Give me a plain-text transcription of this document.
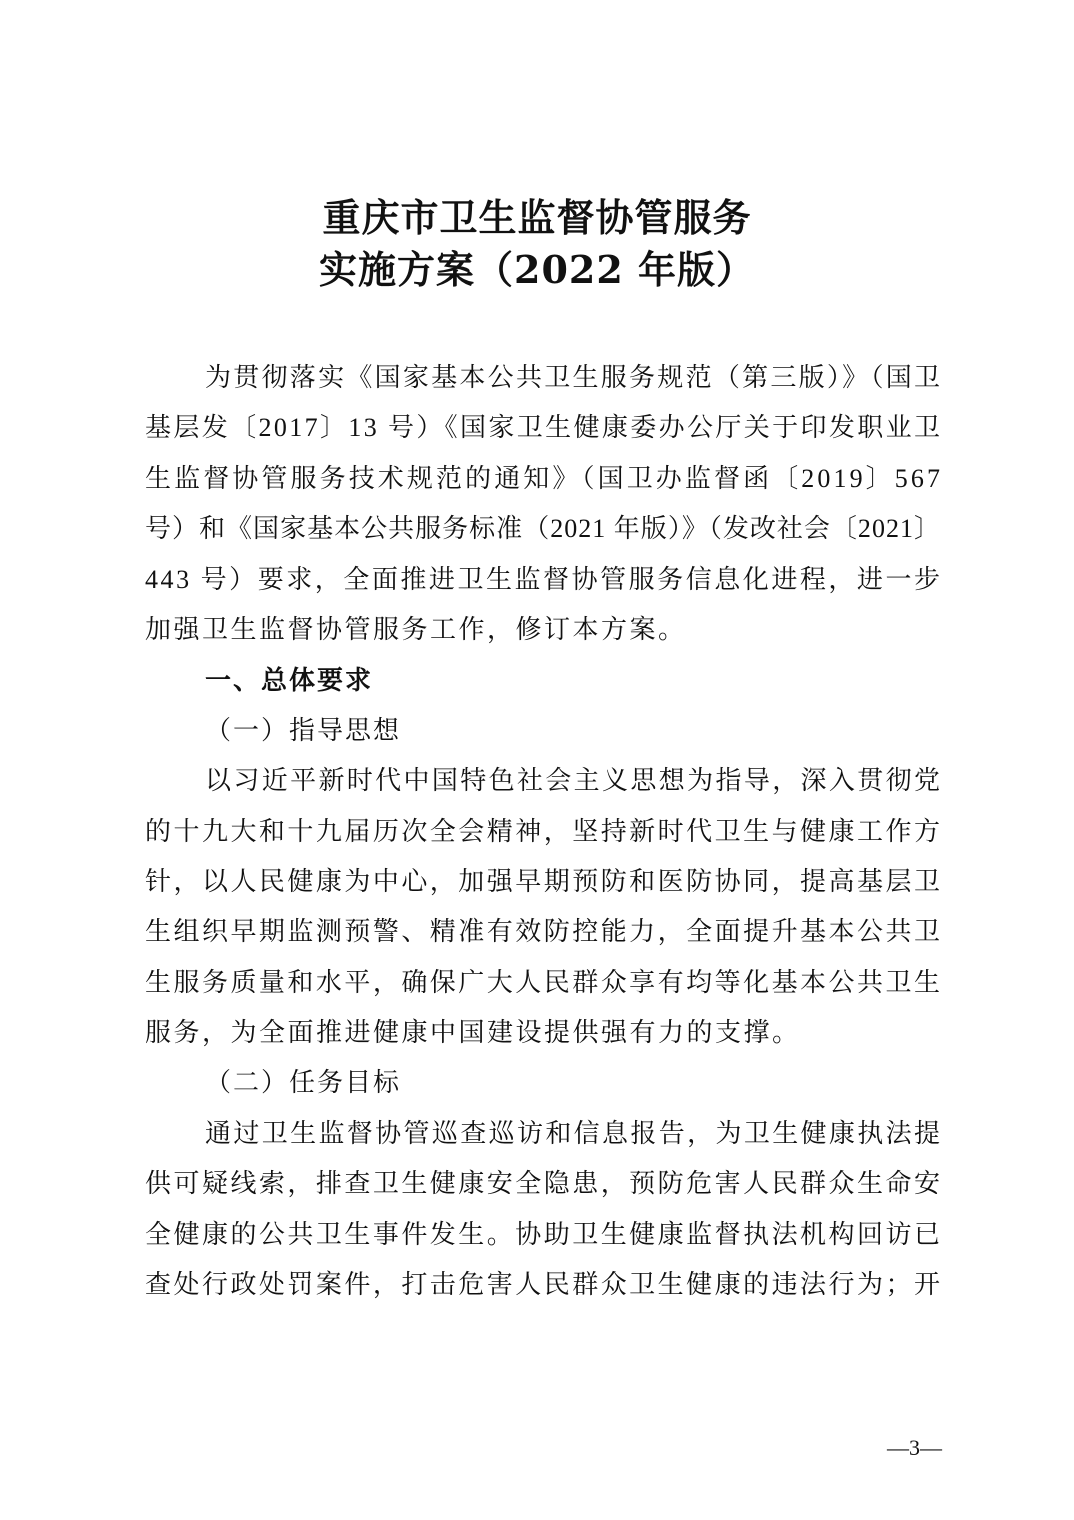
重庆市卫生监督协管服务
实施方案（2022 年版）
为贯彻落实《国家基本公共卫生服务规范（第三版）》（国卫
基层发〔2017〕13 号）《国家卫生健康委办公厅关于印发职业卫
生监督协管服务技术规范的通知》（国卫办监督函〔2019〕567
号）和《国家基本公共服务标准（2021 年版）》（发改社会〔2021〕
443 号）要求，全面推进卫生监督协管服务信息化进程，进一步
加强卫生监督协管服务工作，修订本方案。
一、总体要求
（一）指导思想
以习近平新时代中国特色社会主义思想为指导，深入贯彻党
的十九大和十九届历次全会精神，坚持新时代卫生与健康工作方
针，以人民健康为中心，加强早期预防和医防协同，提高基层卫
生组织早期监测预警、精准有效防控能力，全面提升基本公共卫
生服务质量和水平，确保广大人民群众享有均等化基本公共卫生
服务，为全面推进健康中国建设提供强有力的支撑。
（二）任务目标
通过卫生监督协管巡查巡访和信息报告，为卫生健康执法提
供可疑线索，排查卫生健康安全隐患，预防危害人民群众生命安
全健康的公共卫生事件发生。协助卫生健康监督执法机构回访已
查处行政处罚案件，打击危害人民群众卫生健康的违法行为；开
—3—
